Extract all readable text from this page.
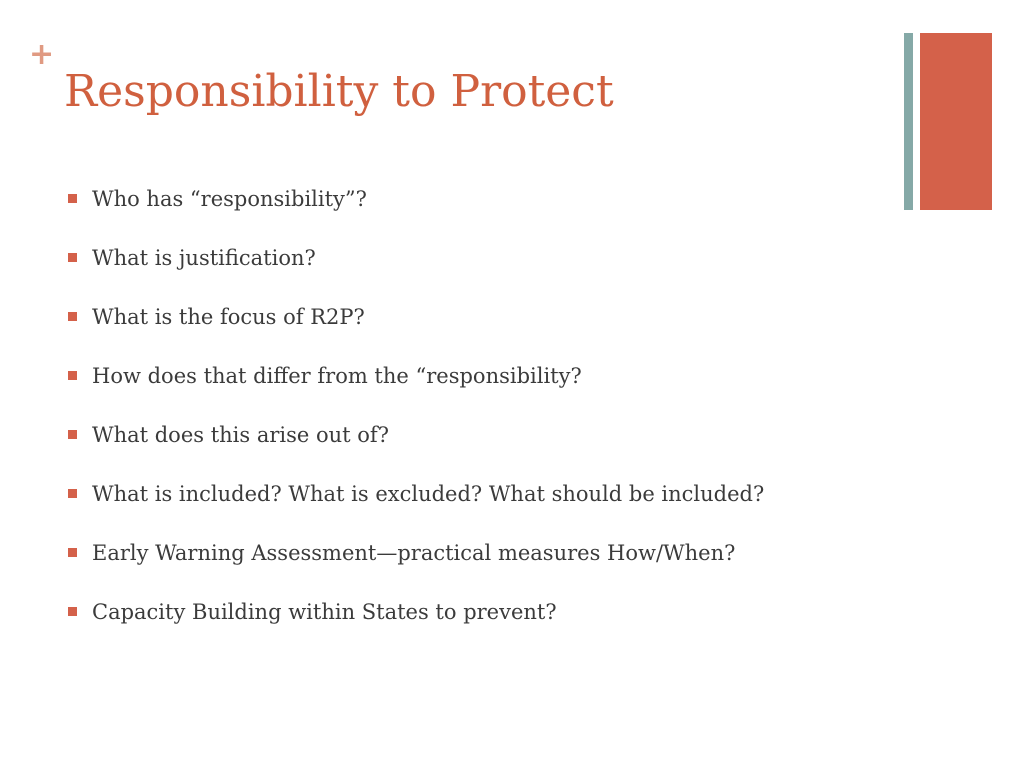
+
Responsibility to Protect
Who has “responsibility”?
What is justification?
What is the focus of R2P?
How does that differ from the “responsibility?
What does this arise out of?
What is included? What is excluded? What should be included?
Early Warning Assessment—practical measures How/When?
Capacity Building within States to prevent?
